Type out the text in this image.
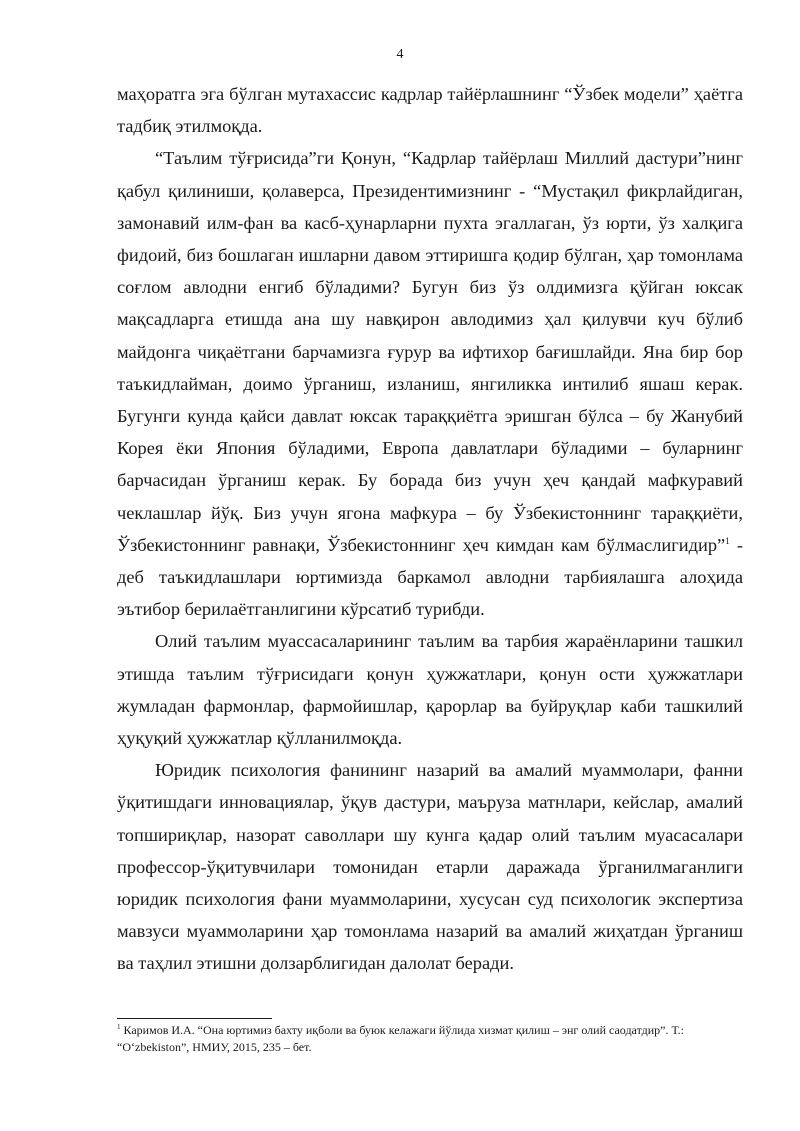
4

маҳоратга эга бўлган мутахассис кадрлар тайёрлашнинг “Ўзбек модели” ҳаётга тадбиқ этилмоқда.

“Таълим тўғрисида”ги Қонун, “Кадрлар тайёрлаш Миллий дастури”нинг қабул қилиниши, қолаверса, Президентимизнинг - “Мустақил фикрлайдиган, замонавий илм-фан ва касб-ҳунарларни пухта эгаллаган, ўз юрти, ўз халқига фидоий, биз бошлаган ишларни давом эттиришга қодир бўлган, ҳар томонлама соғлом авлодни енгиб бўладими? Бугун биз ўз олдимизга қўйган юксак мақсадларга етишда ана шу навқирон авлодимиз ҳал қилувчи куч бўлиб майдонга чиқаётгани барчамизга ғурур ва ифтихор бағишлайди. Яна бир бор таъкидлайман, доимо ўрганиш, изланиш, янгиликка интилиб яшаш керак. Бугунги кунда қайси давлат юксак тараққиётга эришган бўлса – бу Жанубий Корея ёки Япония бўладими, Европа давлатлари бўладими – буларнинг барчасидан ўрганиш керак. Бу борада биз учун ҳеч қандай мафкуравий чеклашлар йўқ. Биз учун ягона мафкура – бу Ўзбекистоннинг тараққиёти, Ўзбекистоннинг равнақи, Ўзбекистоннинг ҳеч кимдан кам бўлмаслигидир”$^1$ - деб таъкидлашлари юртимизда баркамол авлодни тарбиялашга алоҳида эътибор берилаётганлигини кўрсатиб турибди.

Олий таълим муассасаларининг таълим ва тарбия жараёнларини ташкил этишда таълим тўғрисидаги қонун ҳужжатлари, қонун ости ҳужжатлари жумладан фармонлар, фармойишлар, қарорлар ва буйруқлар каби ташкилий ҳуқуқий ҳужжатлар қўлланилмоқда.

Юридик психология фанининг назарий ва амалий муаммолари, фанни ўқитишдаги инновациялар, ўқув дастури, маъруза матнлари, кейслар, амалий топшириқлар, назорат саволлари шу кунга қадар олий таълим муасасалари профессор-ўқитувчилари томонидан етарли даражада ўрганилмаганлиги юридик психология фани муаммоларини, хусусан суд психологик экспертиза мавзуси муаммоларини ҳар томонлама назарий ва амалий жиҳатдан ўрганиш ва таҳлил этишни долзарблигидан далолат беради.

$^1$ Каримов И.А. “Она юртимиз бахту иқболи ва буюк келажаги йўлида хизмат қилиш – энг олий саодатдир”. Т.: “O‘zbekiston”, НМИУ, 2015, 235 – бет.
